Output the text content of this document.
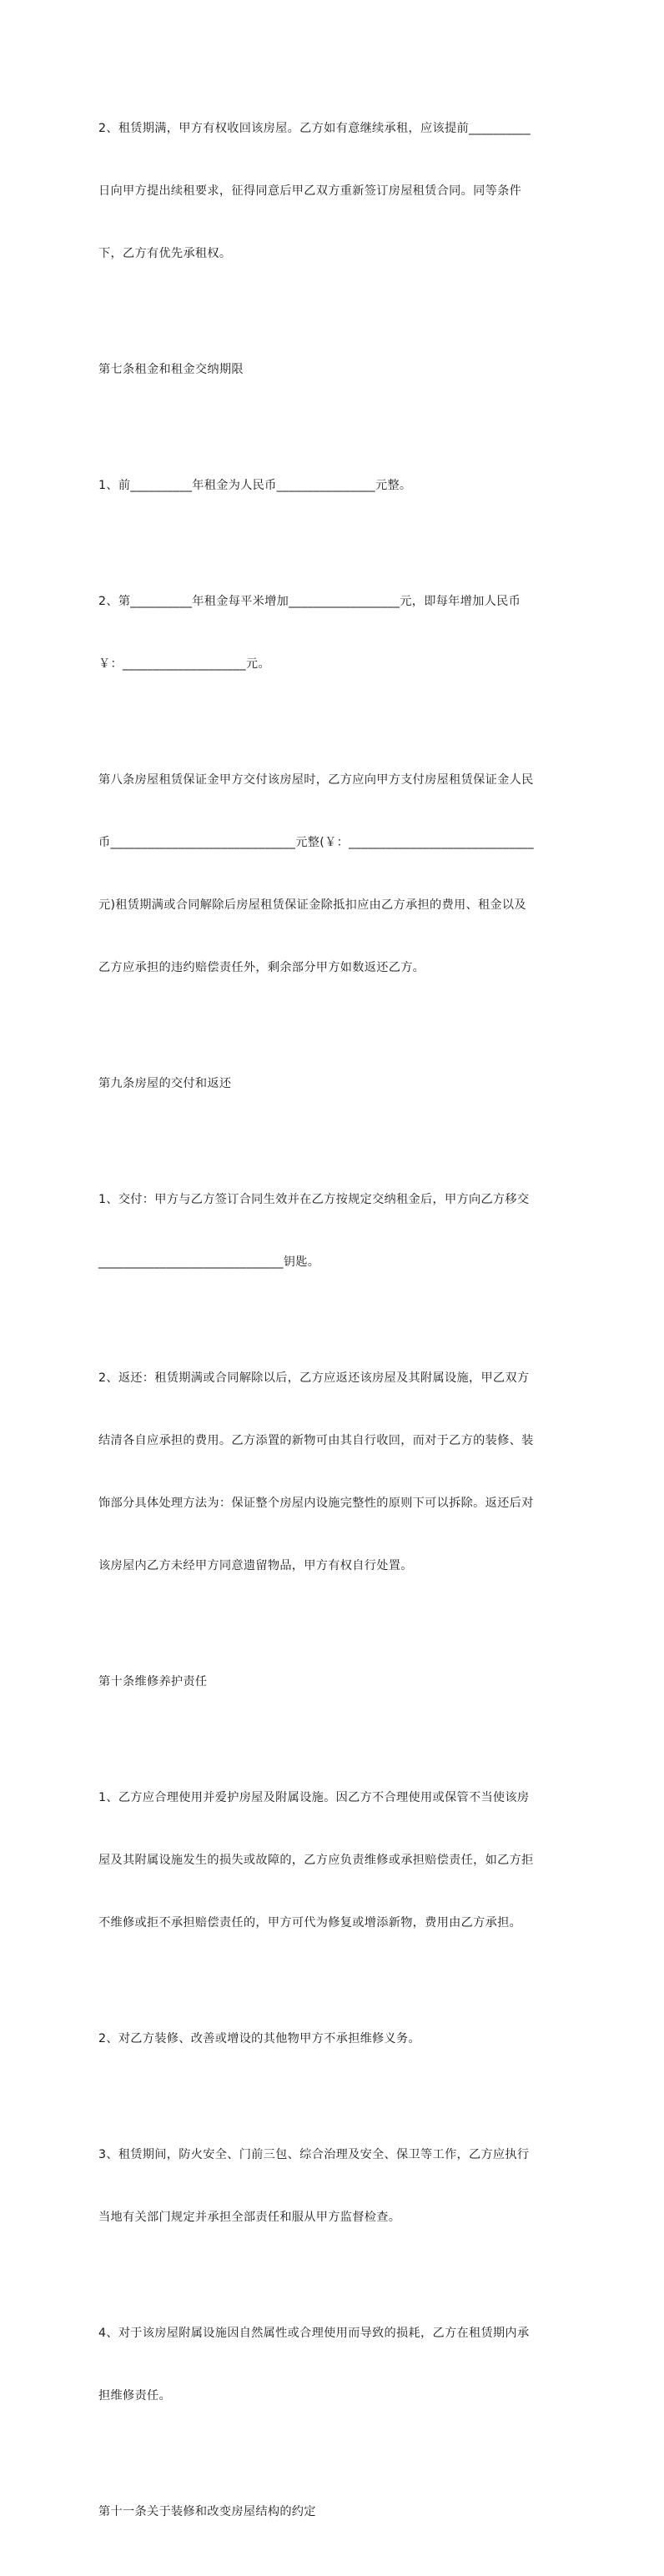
2、租赁期满，甲方有权收回该房屋。乙方如有意继续承租，应该提前__________

日向甲方提出续租要求，征得同意后甲乙双方重新签订房屋租赁合同。同等条件

下，乙方有优先承租权。

第七条租金和租金交纳期限

1、前__________年租金为人民币________________元整。

2、第__________年租金每平米增加__________________元，即每年增加人民币

￥：____________________元。

第八条房屋租赁保证金甲方交付该房屋时，乙方应向甲方支付房屋租赁保证金人民

币______________________________元整(￥：______________________________

元)租赁期满或合同解除后房屋租赁保证金除抵扣应由乙方承担的费用、租金以及

乙方应承担的违约赔偿责任外，剩余部分甲方如数返还乙方。

第九条房屋的交付和返还

1、交付：甲方与乙方签订合同生效并在乙方按规定交纳租金后，甲方向乙方移交

______________________________钥匙。

2、返还：租赁期满或合同解除以后，乙方应返还该房屋及其附属设施，甲乙双方

结清各自应承担的费用。乙方添置的新物可由其自行收回，而对于乙方的装修、装

饰部分具体处理方法为：保证整个房屋内设施完整性的原则下可以拆除。返还后对

该房屋内乙方未经甲方同意遗留物品，甲方有权自行处置。

第十条维修养护责任

1、乙方应合理使用并爱护房屋及附属设施。因乙方不合理使用或保管不当使该房

屋及其附属设施发生的损失或故障的，乙方应负责维修或承担赔偿责任，如乙方拒

不维修或拒不承担赔偿责任的，甲方可代为修复或增添新物，费用由乙方承担。

2、对乙方装修、改善或增设的其他物甲方不承担维修义务。

3、租赁期间，防火安全、门前三包、综合治理及安全、保卫等工作，乙方应执行

当地有关部门规定并承担全部责任和服从甲方监督检查。

4、对于该房屋附属设施因自然属性或合理使用而导致的损耗，乙方在租赁期内承

担维修责任。

第十一条关于装修和改变房屋结构的约定
